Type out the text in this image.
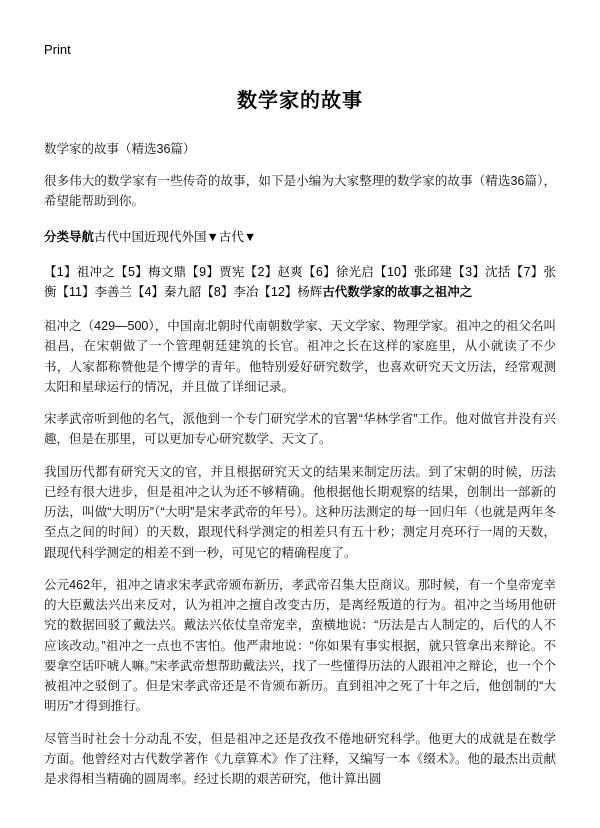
Print
数学家的故事

数学家的故事（精选36篇）

很多伟大的数学家有一些传奇的故事，如下是小编为大家整理的数学家的故事（精选36篇），希望能帮助到你。

分类导航古代中国近现代外国▼古代▼

【1】祖冲之【5】梅文鼎【9】贾宪【2】赵爽【6】徐光启【10】张邱建【3】沈括【7】张衡【11】李善兰【4】秦九韶【8】李冶【12】杨辉古代数学家的故事之祖冲之

祖冲之（429—500），中国南北朝时代南朝数学家、天文学家、物理学家。祖冲之的祖父名叫祖昌，在宋朝做了一个管理朝廷建筑的长官。祖冲之长在这样的家庭里，从小就读了不少书，人家都称赞他是个博学的青年。他特别爱好研究数学，也喜欢研究天文历法，经常观测太阳和星球运行的情况，并且做了详细记录。

宋孝武帝听到他的名气，派他到一个专门研究学术的官署“华林学省”工作。他对做官并没有兴趣，但是在那里，可以更加专心研究数学、天文了。

我国历代都有研究天文的官，并且根据研究天文的结果来制定历法。到了宋朝的时候，历法已经有很大进步，但是祖冲之认为还不够精确。他根据他长期观察的结果，创制出一部新的历法，叫做“大明历”（“大明”是宋孝武帝的年号）。这种历法测定的每一回归年（也就是两年冬至点之间的时间）的天数，跟现代科学测定的相差只有五十秒；测定月亮环行一周的天数，跟现代科学测定的相差不到一秒，可见它的精确程度了。

公元462年，祖冲之请求宋孝武帝颁布新历，孝武帝召集大臣商议。那时候，有一个皇帝宠幸的大臣戴法兴出来反对，认为祖冲之擅自改变古历，是离经叛道的行为。祖冲之当场用他研究的数据回驳了戴法兴。戴法兴依仗皇帝宠幸，蛮横地说：“历法是古人制定的，后代的人不应该改动。”祖冲之一点也不害怕。他严肃地说：“你如果有事实根据，就只管拿出来辩论。不要拿空话吓唬人嘛。”宋孝武帝想帮助戴法兴，找了一些懂得历法的人跟祖冲之辩论，也一个个被祖冲之驳倒了。但是宋孝武帝还是不肯颁布新历。直到祖冲之死了十年之后，他创制的“大明历”才得到推行。

尽管当时社会十分动乱不安，但是祖冲之还是孜孜不倦地研究科学。他更大的成就是在数学方面。他曾经对古代数学著作《九章算术》作了注释，又编写一本《缀术》。他的最杰出贡献是求得相当精确的圆周率。经过长期的艰苦研究，他计算出圆
